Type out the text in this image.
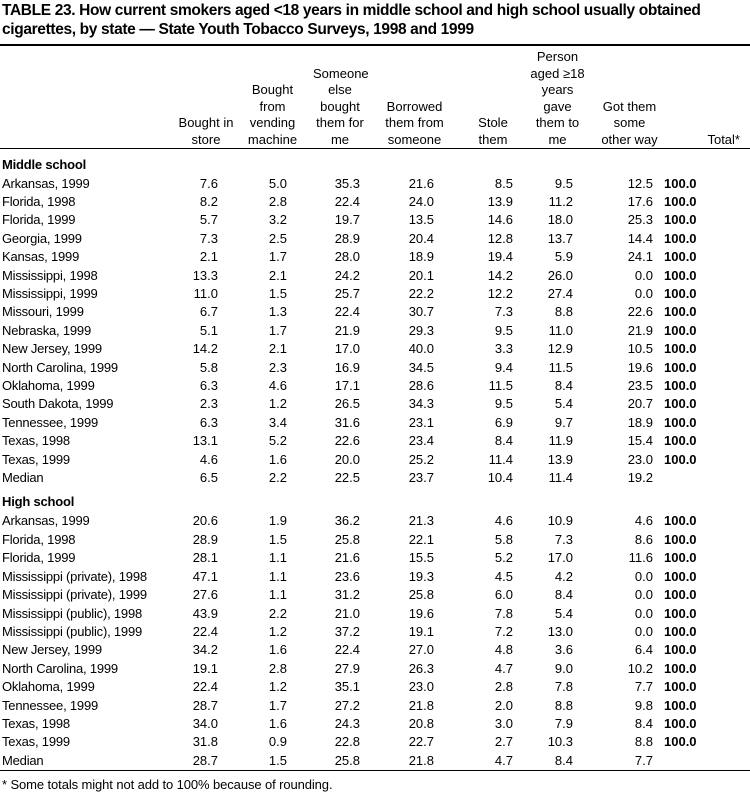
TABLE 23. How current smokers aged <18 years in middle school and high school usually obtained cigarettes, by state — State Youth Tobacco Surveys, 1998 and 1999
	Bought in store	Bought from vending machine	Someone else bought them for me	Borrowed them from someone	Stole them	Person aged ≥18 years gave them to me	Got them some other way	Total*
Middle school								
Arkansas, 1999	7.6	5.0	35.3	21.6	8.5	9.5	12.5	100.0
Florida, 1998	8.2	2.8	22.4	24.0	13.9	11.2	17.6	100.0
Florida, 1999	5.7	3.2	19.7	13.5	14.6	18.0	25.3	100.0
Georgia, 1999	7.3	2.5	28.9	20.4	12.8	13.7	14.4	100.0
Kansas, 1999	2.1	1.7	28.0	18.9	19.4	5.9	24.1	100.0
Mississippi, 1998	13.3	2.1	24.2	20.1	14.2	26.0	0.0	100.0
Mississippi, 1999	11.0	1.5	25.7	22.2	12.2	27.4	0.0	100.0
Missouri, 1999	6.7	1.3	22.4	30.7	7.3	8.8	22.6	100.0
Nebraska, 1999	5.1	1.7	21.9	29.3	9.5	11.0	21.9	100.0
New Jersey, 1999	14.2	2.1	17.0	40.0	3.3	12.9	10.5	100.0
North Carolina, 1999	5.8	2.3	16.9	34.5	9.4	11.5	19.6	100.0
Oklahoma, 1999	6.3	4.6	17.1	28.6	11.5	8.4	23.5	100.0
South Dakota, 1999	2.3	1.2	26.5	34.3	9.5	5.4	20.7	100.0
Tennessee, 1999	6.3	3.4	31.6	23.1	6.9	9.7	18.9	100.0
Texas, 1998	13.1	5.2	22.6	23.4	8.4	11.9	15.4	100.0
Texas, 1999	4.6	1.6	20.0	25.2	11.4	13.9	23.0	100.0
Median	6.5	2.2	22.5	23.7	10.4	11.4	19.2	
High school								
Arkansas, 1999	20.6	1.9	36.2	21.3	4.6	10.9	4.6	100.0
Florida, 1998	28.9	1.5	25.8	22.1	5.8	7.3	8.6	100.0
Florida, 1999	28.1	1.1	21.6	15.5	5.2	17.0	11.6	100.0
Mississippi (private), 1998	47.1	1.1	23.6	19.3	4.5	4.2	0.0	100.0
Mississippi (private), 1999	27.6	1.1	31.2	25.8	6.0	8.4	0.0	100.0
Mississippi (public), 1998	43.9	2.2	21.0	19.6	7.8	5.4	0.0	100.0
Mississippi (public), 1999	22.4	1.2	37.2	19.1	7.2	13.0	0.0	100.0
New Jersey, 1999	34.2	1.6	22.4	27.0	4.8	3.6	6.4	100.0
North Carolina, 1999	19.1	2.8	27.9	26.3	4.7	9.0	10.2	100.0
Oklahoma, 1999	22.4	1.2	35.1	23.0	2.8	7.8	7.7	100.0
Tennessee, 1999	28.7	1.7	27.2	21.8	2.0	8.8	9.8	100.0
Texas, 1998	34.0	1.6	24.3	20.8	3.0	7.9	8.4	100.0
Texas, 1999	31.8	0.9	22.8	22.7	2.7	10.3	8.8	100.0
Median	28.7	1.5	25.8	21.8	4.7	8.4	7.7	
* Some totals might not add to 100% because of rounding.
